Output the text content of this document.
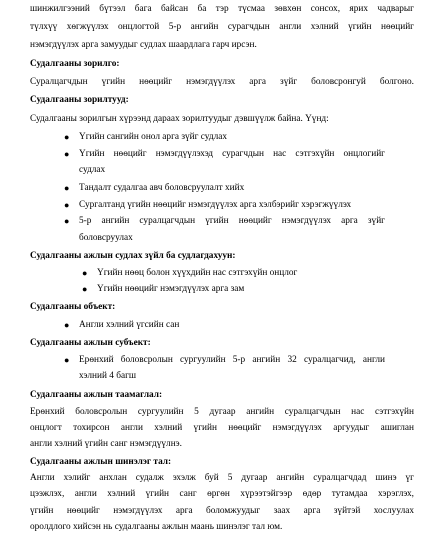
шинжилгээний бүтээл бага байсан ба тэр түсмаа зөвхөн сонсох, ярих чадварыг
түлхүү хөгжүүлэх онцлогтой 5-р ангийн сурагчдын англи хэлний үгийн нөөцийг
нэмэгдүүлэх арга замуудыг судлах шаардлага гарч ирсэн.
Судалгааны зорилго:
Суралцагчдын үгийн нөөцийг нэмэгдүүлэх арга зүйг боловсронгуй болгоно.
Судалгааны зорилтууд:
Судалгааны зорилгын хүрээнд дараах зорилтуудыг дэвшүүлж байна. Үүнд:
● Үгийн сангийн онол арга зүйг судлах
● Үгийн нөөцийг нэмэгдүүлэхэд сурагчдын нас сэтгэхүйн онцлогийг
судлах
● Тандалт судалгаа авч боловсруулалт хийх
● Сургалтанд үгийн нөөцийг нэмэгдүүлэх арга хэлбэрийг хэрэгжүүлэх
● 5-р ангийн суралцагчдын үгийн нөөцийг нэмэгдүүлэх арга зүйг
боловсруулах
Судалгааны ажлын судлах зүйл ба судлагдахуун:
● Үгийн нөөц болон хүүхдийн нас сэтгэхүйн онцлог
● Үгийн нөөцийг нэмэгдүүлэх арга зам
Судалгааны объект:
● Англи хэлний үгсийн сан
Судалгааны ажлын субъект:
● Ерөнхий боловсролын сургуулийн 5-р ангийн 32 суралцагчид, англи
хэлний 4 багш
Судалгааны ажлын таамаглал:
Ерөнхий боловсролын сургуулийн 5 дугаар ангийн суралцагчдын нас сэтгэхүйн
онцлогт тохирсон англи хэлний үгийн нөөцийг нэмэгдүүлэх аргуудыг ашиглан
англи хэлний үгийн санг нэмэгдүүлнэ.
Судалгааны ажлын шинэлэг тал:
Англи хэлийг анхлан судалж эхэлж буй 5 дугаар ангийн суралцагчдад шинэ үг
цээжлэх, англи хэлний үгийн санг өргөн хүрээтэйгээр өдөр тутамдаа хэрэглэх,
үгийн нөөцийг нэмэгдүүлэх арга боломжуудыг заах арга зүйтэй хослуулах
оролдлого хийсэн нь судалгааны ажлын маань шинэлэг тал юм.
